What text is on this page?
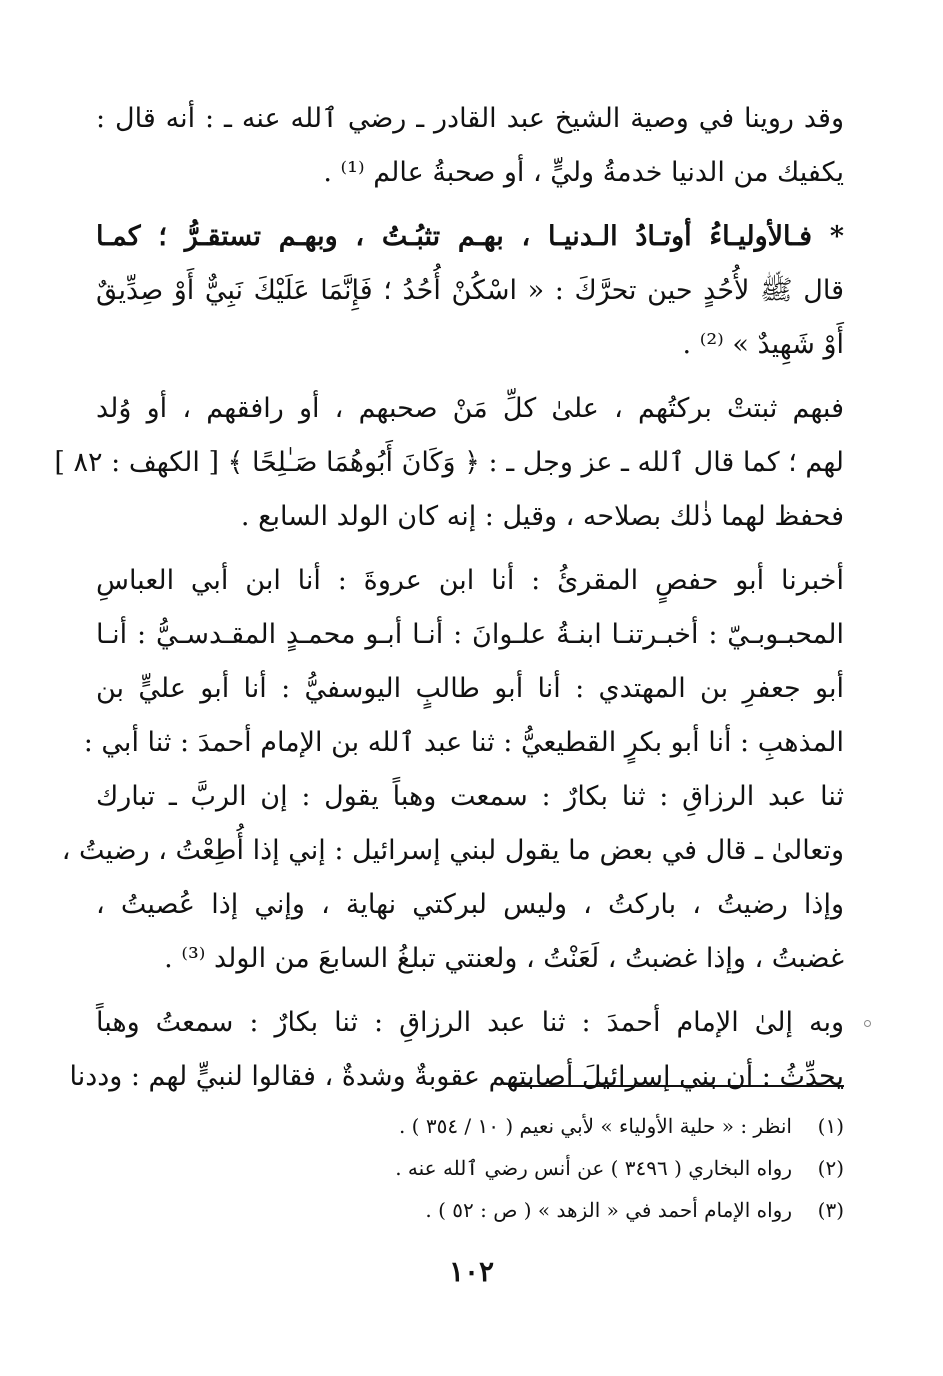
وقد روينا في وصية الشيخ عبد القادر ـ رضي ٱلله عنه ـ : أنه قال :
يكفيك من الدنيا خدمةُ وليٍّ ، أو صحبةُ عالم ⁽¹⁾ .
* فـالأوليـاءُ أوتـادُ الـدنيـا ، بهـم تثبُـتُ ، وبهـم تستقـرُّ ؛ كمـا
قال ﷺ لأُحُدٍ حين تحرَّكَ : « اسْكُنْ أُحُدُ ؛ فَإِنَّمَا عَلَيْكَ نَبِيٌّ أَوْ صِدِّيقٌ
أَوْ شَهِيدٌ » ⁽²⁾ .
فبهم ثبتتْ بركتُهم ، علىٰ كلِّ مَنْ صحبهم ، أو رافقهم ، أو وُلد
لهم ؛ كما قال ٱلله ـ عز وجل ـ : ﴿ وَكَانَ أَبُوهُمَا صَـٰلِحًا ﴾ [ الكهف : ٨٢ ]
فحفظ لهما ذٰلك بصلاحه ، وقيل : إنه كان الولد السابع .
أخبرنا أبو حفصٍ المقرئُ : أنا ابن عروةَ : أنا ابن أبي العباسِ
المحبـوبـيّ : أخبـرتنـا ابنـةُ علـوانَ : أنـا أبـو محمـدٍ المقـدسـيُّ : أنـا
أبو جعفرِ بن المهتدي : أنا أبو طالبٍ اليوسفيُّ : أنا أبو عليٍّ بن
المذهبِ : أنا أبو بكرٍ القطيعيُّ : ثنا عبد ٱلله بن الإمام أحمدَ : ثنا أبي :
ثنا عبد الرزاقِ : ثنا بكارٌ : سمعت وهباً يقول : إن الربَّ ـ تبارك
وتعالىٰ ـ قال في بعض ما يقول لبني إسرائيل : إني إذا أُطِعْتُ ، رضيتُ ،
وإذا رضيتُ ، باركتُ ، وليس لبركتي نهاية ، وإني إذا عُصيتُ ،
غضبتُ ، وإذا غضبتُ ، لَعَنْتُ ، ولعنتي تبلغُ السابعَ من الولد ⁽³⁾ .
وبه إلىٰ الإمام أحمدَ : ثنا عبد الرزاقِ : ثنا بكارٌ : سمعتُ وهباً
يحدِّثُ : أن بني إسرائيلَ أصابتهم عقوبةٌ وشدةٌ ، فقالوا لنبيٍّ لهم : وددنا
(١)
انظر : « حلية الأولياء » لأبي نعيم ( ١٠ / ٣٥٤ ) .
(٢)
رواه البخاري ( ٣٤٩٦ ) عن أنس رضي ٱلله عنه .
(٣)
رواه الإمام أحمد في « الزهد » ( ص : ٥٢ ) .
١٠٢
